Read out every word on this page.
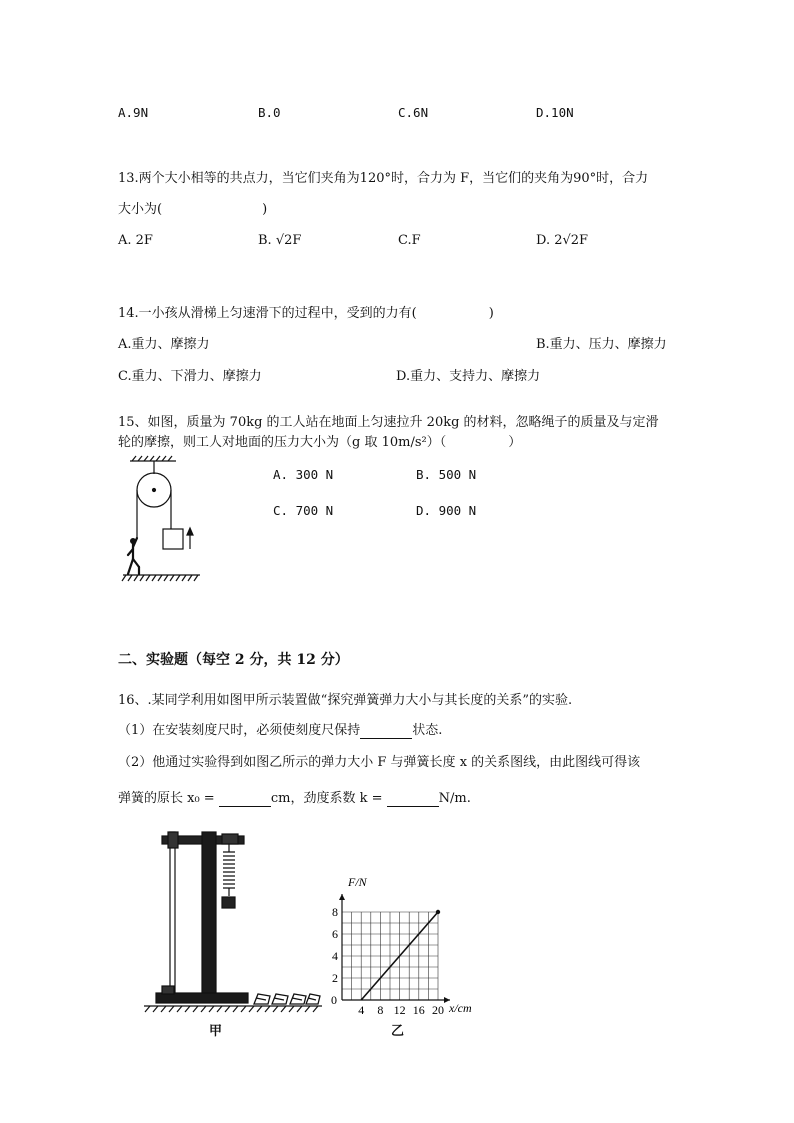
A.9N	B.0	C.6N	D.10N
13.两个大小相等的共点力，当它们夹角为120°时，合力为 F，当它们的夹角为90°时，合力
大小为(	)
A. 2F	B. √2F	C.F	D. 2√2F
14.一小孩从滑梯上匀速滑下的过程中，受到的力有(	)
A.重力、摩擦力	B.重力、压力、摩擦力
C.重力、下滑力、摩擦力	D.重力、支持力、摩擦力
15、如图，质量为 70kg 的工人站在地面上匀速拉升 20kg 的材料，忽略绳子的质量及与定滑
轮的摩擦，则工人对地面的压力大小为（g 取 10m/s²）（	）
A. 300 N	B. 500 N
C. 700 N	D. 900 N
二、实验题（每空 2 分，共 12 分）
16、.某同学利用如图甲所示装置做“探究弹簧弹力大小与其长度的关系”的实验.
（1）在安装刻度尺时，必须使刻度尺保持	状态.
（2）他通过实验得到如图乙所示的弹力大小 F 与弹簧长度 x 的关系图线，由此图线可得该
弹簧的原长 x₀ =	cm，劲度系数 k =	N/m.
甲
4 8 12 16 20
2
4
6
8
F/N
x/cm
0
乙
